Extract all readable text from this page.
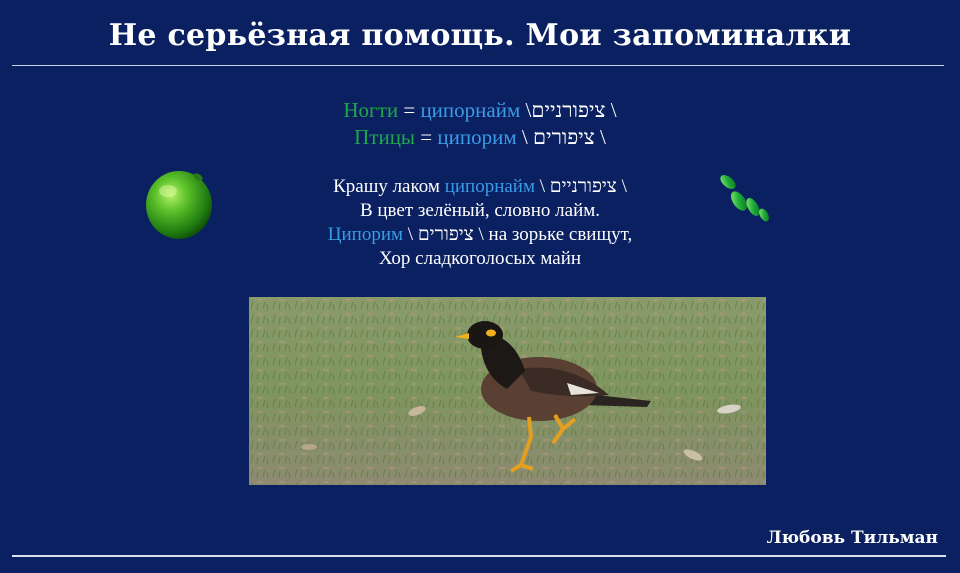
Не серьёзная помощь. Мои запоминалки
Ногти = ципорнайм \ציפורניים \
Птицы = ципорим \ ציפורים \
Крашу лаком ципорнайм \ ציפורניים \
В цвет зелёный, словно лайм.
Ципорим \ ציפורים \ на зорьке свищут,
Хор сладкоголосых майн
Любовь Тильман
